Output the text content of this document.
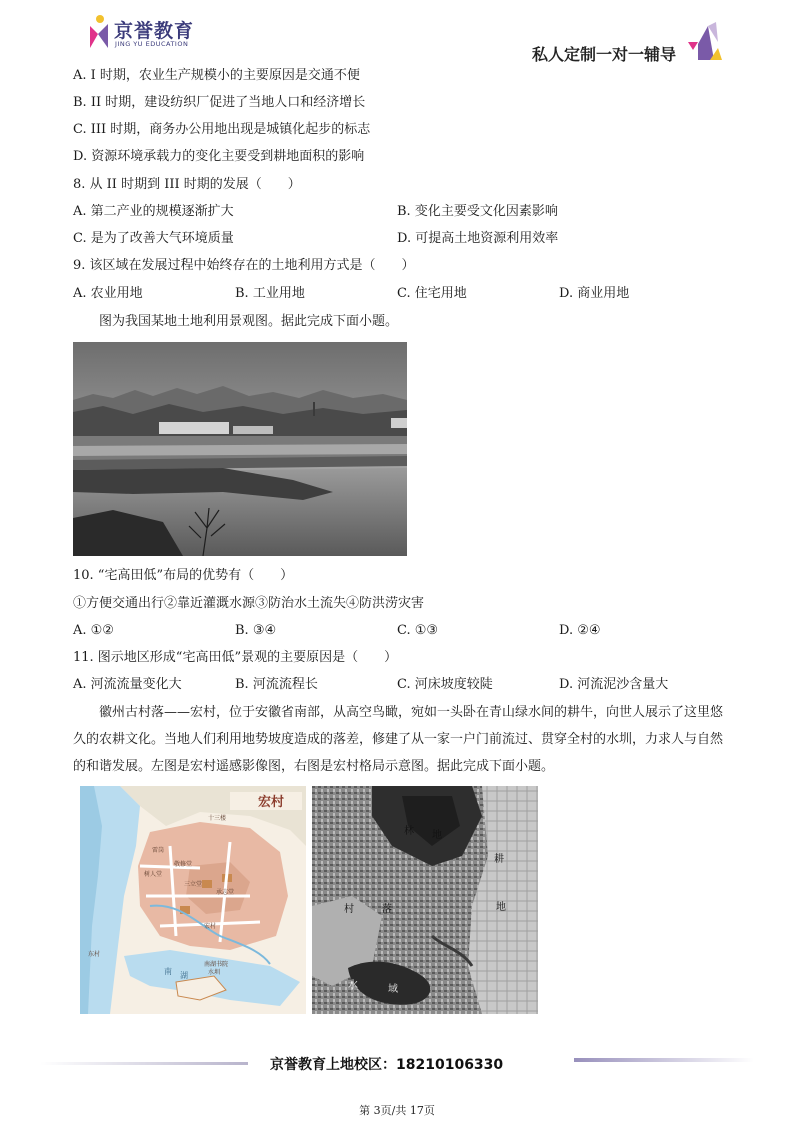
京誉教育
JING YU EDUCATION
私人定制一对一辅导
A. I 时期，农业生产规模小的主要原因是交通不便
B. II 时期，建设纺织厂促进了当地人口和经济增长
C. III 时期，商务办公用地出现是城镇化起步的标志
D. 资源环境承载力的变化主要受到耕地面积的影响
8. 从 II 时期到 III 时期的发展（　　）
A. 第二产业的规模逐渐扩大	B. 变化主要受文化因素影响
C. 是为了改善大气环境质量	D. 可提高土地资源利用效率
9. 该区域在发展过程中始终存在的土地利用方式是（　　）
A. 农业用地	B. 工业用地	C. 住宅用地	D. 商业用地
图为我国某地土地利用景观图。据此完成下面小题。
10. “宅高田低”布局的优势有（　　）
①方便交通出行②靠近灌溉水源③防治水土流失④防洪涝灾害
A. ①②	B. ③④	C. ①③	D. ②④
11. 图示地区形成“宅高田低”景观的主要原因是（　　）
A. 河流流量变化大	B. 河流流程长	C. 河床坡度较陡	D. 河流泥沙含量大
徽州古村落——宏村，位于安徽省南部，从高空鸟瞰，宛如一头卧在青山绿水间的耕牛，向世人展示了这里悠久的农耕文化。当地人们利用地势坡度造成的落差，修建了从一家一户门前流过、贯穿全村的水圳，力求人与自然的和谐发展。左图是宏村遥感影像图，右图是宏村格局示意图。据此完成下面小题。
宏村
雷岗
树人堂
敬修堂
三立堂
承志堂
宏村
南湖书院
水圳
南 湖
十三楼
东村
林 地
村	落
耕
地
水	域
京誉教育上地校区：18210106330
第 3页/共 17页
